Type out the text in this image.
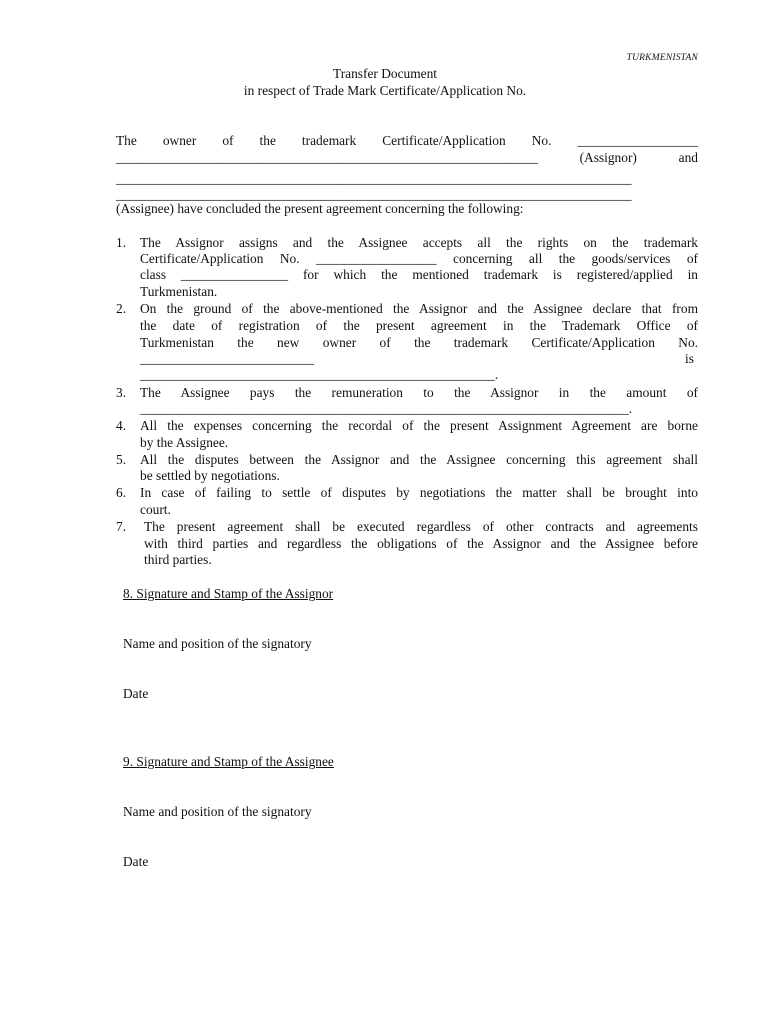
TURKMENISTAN
Transfer Document
in respect of Trade Mark Certificate/Application No.
The owner of the trademark Certificate/Application No. __________________
_______________________________________________________________ (Assignor) and
_____________________________________________________________________________
_____________________________________________________________________________
(Assignee) have concluded the present agreement concerning the following:
1. The Assignor assigns and the Assignee accepts all the rights on the trademark
Certificate/Application No. __________________ concerning all the goods/services of
class ________________ for which the mentioned trademark is registered/applied in
Turkmenistan.
2. On the ground of the above-mentioned the Assignor and the Assignee declare that from
the date of registration of the present agreement in the Trademark Office of
Turkmenistan the new owner of the trademark Certificate/Application No.
__________________________	is
_____________________________________________________.
3. The Assignee pays the remuneration to the Assignor in the amount of
_________________________________________________________________________.
4. All the expenses concerning the recordal of the present Assignment Agreement are borne
by the Assignee.
5. All the disputes between the Assignor and the Assignee concerning this agreement shall
be settled by negotiations.
6. In case of failing to settle of disputes by negotiations the matter shall be brought into
court.
7. The present agreement shall be executed regardless of other contracts and agreements
with third parties and regardless the obligations of the Assignor and the Assignee before
third parties.
8. Signature and Stamp of the Assignor
Name and position of the signatory
Date
9. Signature and Stamp of the Assignee
Name and position of the signatory
Date
